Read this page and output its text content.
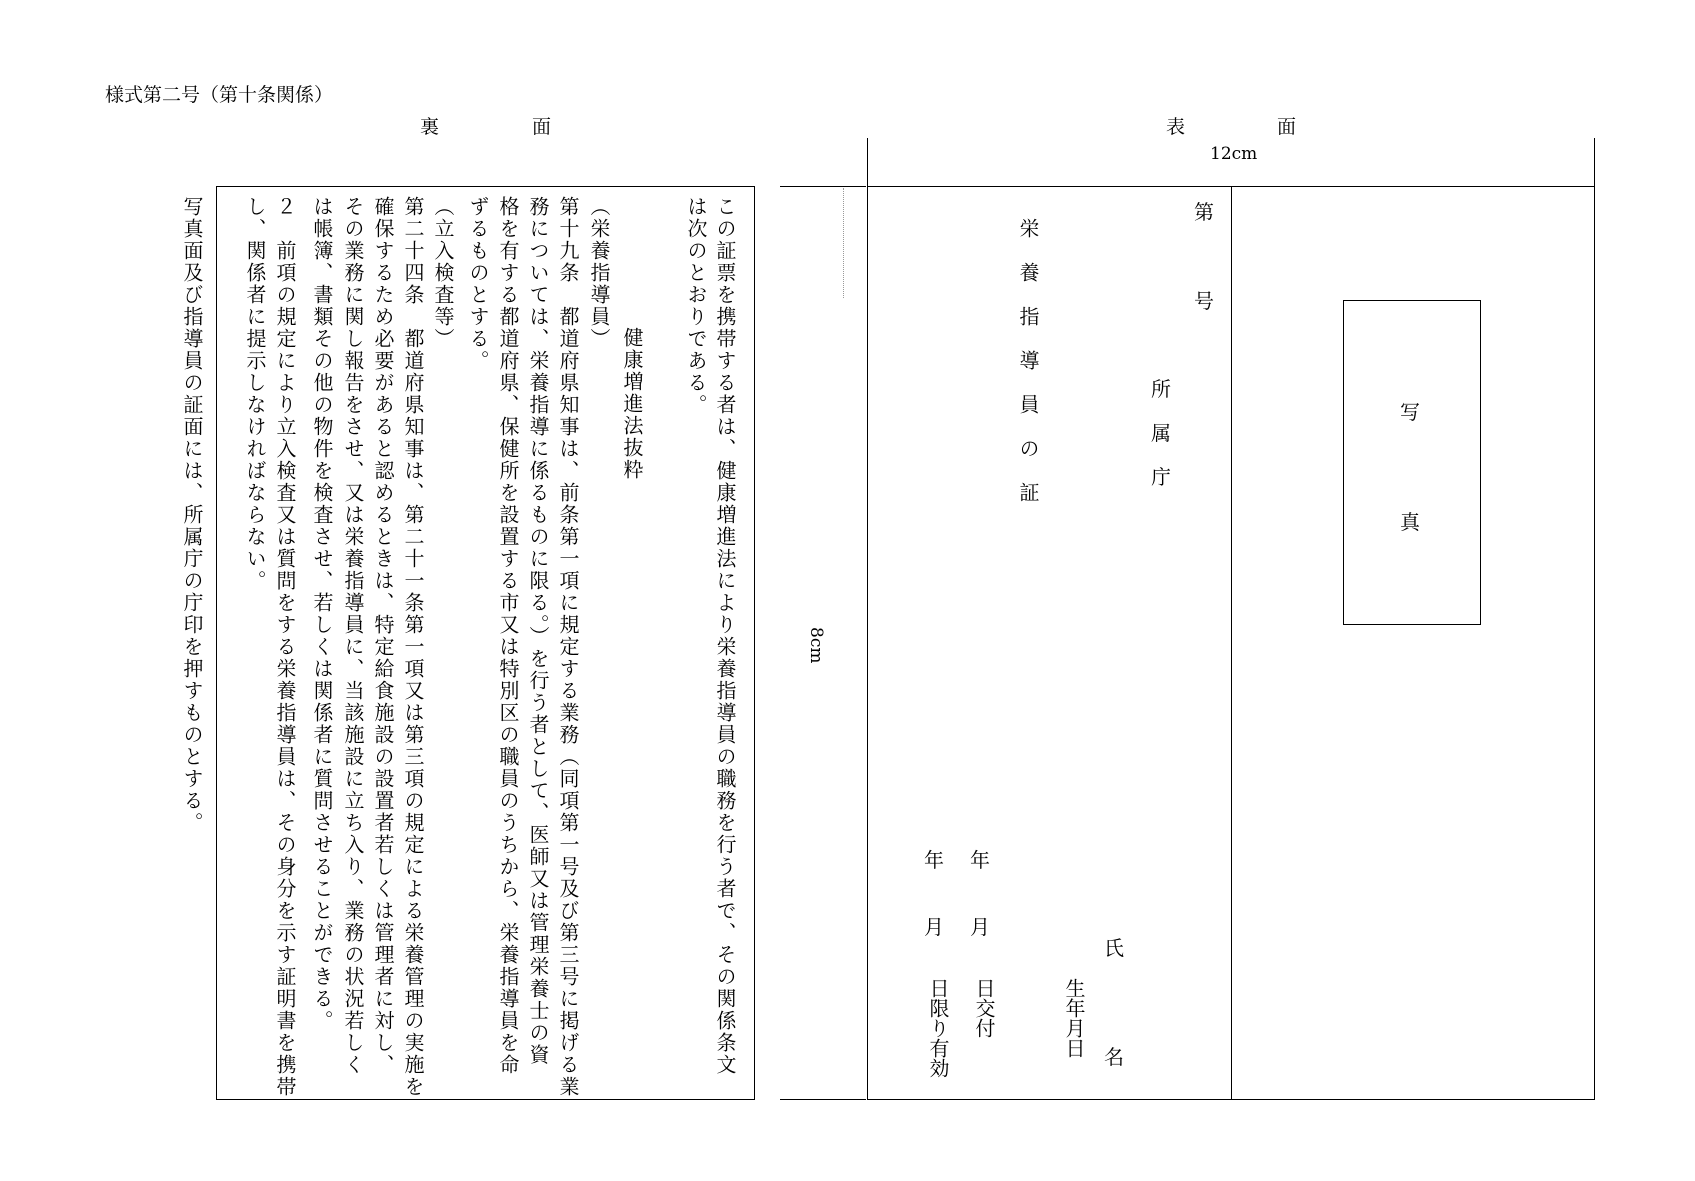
様式第二号（第十条関係）
裏	面
写真面及び指導員の証面には、所属庁の庁印を押すものとする。	この証票を携帯する者は、健康増進法により栄養指導員の職務を行う者で、その関係条文
は次のとおりである。
　　　健康増進法抜粋
（栄養指導員）
第十九条　都道府県知事は、前条第一項に規定する業務（同項第一号及び第三号に掲げる業
務については、栄養指導に係るものに限る。）を行う者として、医師又は管理栄養士の資
格を有する都道府県、保健所を設置する市又は特別区の職員のうちから、栄養指導員を命
ずるものとする。
（立入検査等）
第二十四条　都道府県知事は、第二十一条第一項又は第三項の規定による栄養管理の実施を
確保するため必要があると認めるときは、特定給食施設の設置者若しくは管理者に対し、
その業務に関し報告をさせ、又は栄養指導員に、当該施設に立ち入り、業務の状況若しく
は帳簿、書類その他の物件を検査させ、若しくは関係者に質問させることができる。
２　前項の規定により立入検査又は質問をする栄養指導員は、その身分を示す証明書を携帯
し、関係者に提示しなければならない。
表	面
12cm
8cm
第
号
所
属
庁
栄養指導員の証
年
月
日交付
年
月
日限り有効	生年月日
氏
名
写
真
